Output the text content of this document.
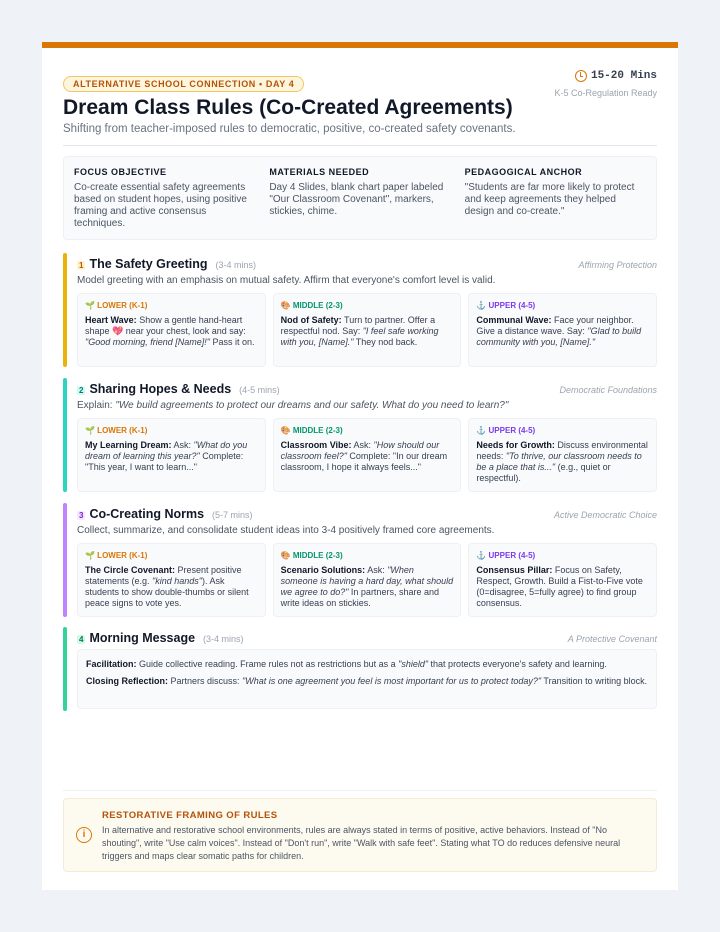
ALTERNATIVE SCHOOL CONNECTION • DAY 4
15-20 Mins
K-5 Co-Regulation Ready
Dream Class Rules (Co-Created Agreements)
Shifting from teacher-imposed rules to democratic, positive, co-created safety covenants.
FOCUS OBJECTIVE
Co-create essential safety agreements based on student hopes, using positive framing and active consensus techniques.
MATERIALS NEEDED
Day 4 Slides, blank chart paper labeled "Our Classroom Covenant", markers, stickies, chime.
PEDAGOGICAL ANCHOR
"Students are far more likely to protect and keep agreements they helped design and co-create."
1 The Safety Greeting (3-4 mins)	Affirming Protection
Model greeting with an emphasis on mutual safety. Affirm that everyone's comfort level is valid.
🌱 LOWER (K-1)
Heart Wave: Show a gentle hand-heart shape 💖 near your chest, look and say: "Good morning, friend [Name]!" Pass it on.
🎨 MIDDLE (2-3)
Nod of Safety: Turn to partner. Offer a respectful nod. Say: "I feel safe working with you, [Name]." They nod back.
⚓ UPPER (4-5)
Communal Wave: Face your neighbor. Give a distance wave. Say: "Glad to build community with you, [Name]."
2 Sharing Hopes & Needs (4-5 mins)	Democratic Foundations
Explain: "We build agreements to protect our dreams and our safety. What do you need to learn?"
🌱 LOWER (K-1)
My Learning Dream: Ask: "What do you dream of learning this year?" Complete: "This year, I want to learn..."
🎨 MIDDLE (2-3)
Classroom Vibe: Ask: "How should our classroom feel?" Complete: "In our dream classroom, I hope it always feels..."
⚓ UPPER (4-5)
Needs for Growth: Discuss environmental needs: "To thrive, our classroom needs to be a place that is..." (e.g., quiet or respectful).
3 Co-Creating Norms (5-7 mins)	Active Democratic Choice
Collect, summarize, and consolidate student ideas into 3-4 positively framed core agreements.
🌱 LOWER (K-1)
The Circle Covenant: Present positive statements (e.g. "kind hands"). Ask students to show double-thumbs or silent peace signs to vote yes.
🎨 MIDDLE (2-3)
Scenario Solutions: Ask: "When someone is having a hard day, what should we agree to do?" In partners, share and write ideas on stickies.
⚓ UPPER (4-5)
Consensus Pillar: Focus on Safety, Respect, Growth. Build a Fist-to-Five vote (0=disagree, 5=fully agree) to find group consensus.
4 Morning Message (3-4 mins)	A Protective Covenant
Facilitation: Guide collective reading. Frame rules not as restrictions but as a "shield" that protects everyone's safety and learning.
Closing Reflection: Partners discuss: "What is one agreement you feel is most important for us to protect today?" Transition to writing block.
i
RESTORATIVE FRAMING OF RULES
In alternative and restorative school environments, rules are always stated in terms of positive, active behaviors. Instead of "No shouting", write "Use calm voices". Instead of "Don't run", write "Walk with safe feet". Stating what TO do reduces defensive neural triggers and maps clear somatic paths for children.
